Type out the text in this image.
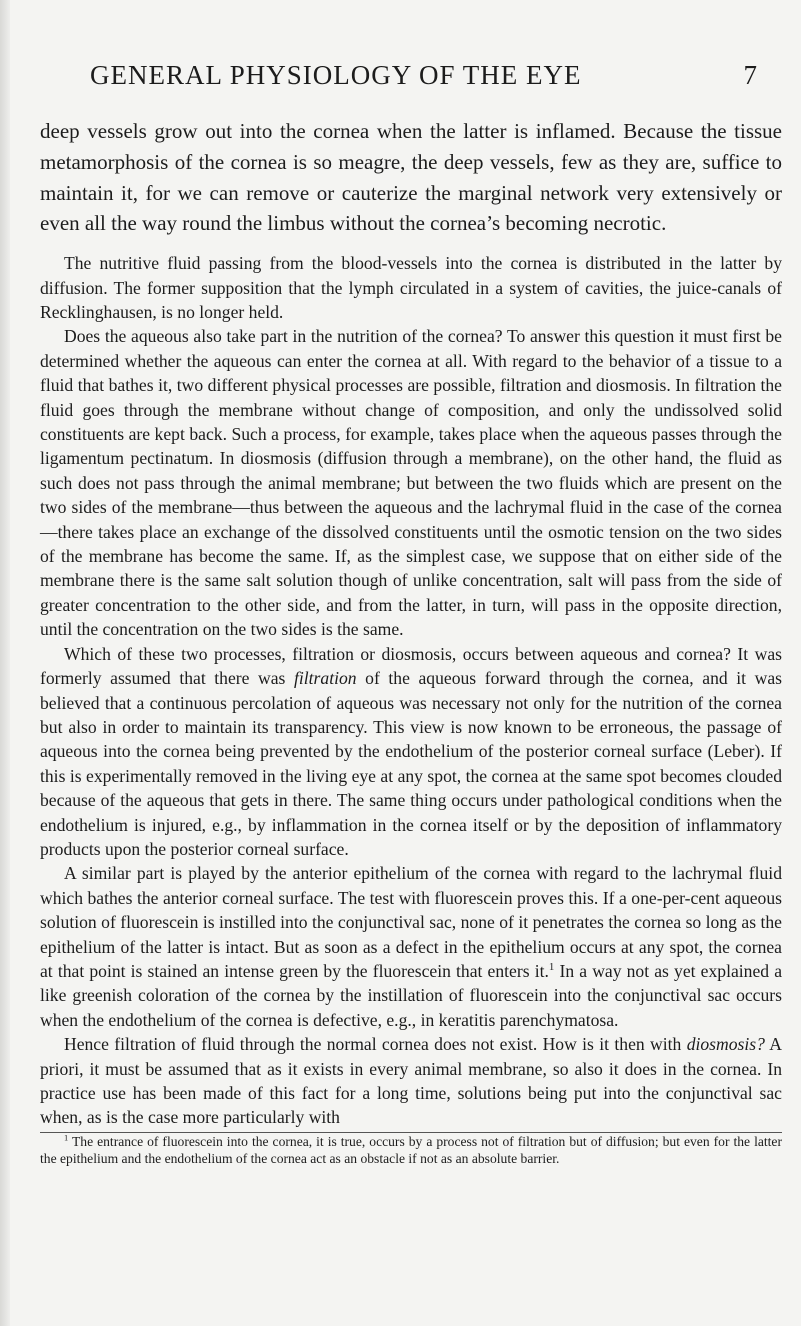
GENERAL PHYSIOLOGY OF THE EYE	7

deep vessels grow out into the cornea when the latter is inflamed. Because the tissue metamorphosis of the cornea is so meagre, the deep vessels, few as they are, suffice to maintain it, for we can remove or cauterize the marginal network very extensively or even all the way round the limbus without the cornea’s becoming necrotic.

The nutritive fluid passing from the blood-vessels into the cornea is distributed in the latter by diffusion. The former supposition that the lymph circulated in a system of cavities, the juice-canals of Recklinghausen, is no longer held.

Does the aqueous also take part in the nutrition of the cornea? To answer this question it must first be determined whether the aqueous can enter the cornea at all. With regard to the behavior of a tissue to a fluid that bathes it, two different physical processes are possible, filtration and diosmosis. In filtration the fluid goes through the membrane without change of composition, and only the undissolved solid constituents are kept back. Such a process, for example, takes place when the aqueous passes through the ligamentum pectinatum. In diosmosis (diffusion through a membrane), on the other hand, the fluid as such does not pass through the animal membrane; but between the two fluids which are present on the two sides of the membrane—thus between the aqueous and the lachrymal fluid in the case of the cornea—there takes place an exchange of the dissolved constituents until the osmotic tension on the two sides of the membrane has become the same. If, as the simplest case, we suppose that on either side of the membrane there is the same salt solution though of unlike concentration, salt will pass from the side of greater concentration to the other side, and from the latter, in turn, will pass in the opposite direction, until the concentration on the two sides is the same.

Which of these two processes, filtration or diosmosis, occurs between aqueous and cornea? It was formerly assumed that there was filtration of the aqueous forward through the cornea, and it was believed that a continuous percolation of aqueous was necessary not only for the nutrition of the cornea but also in order to maintain its transparency. This view is now known to be erroneous, the passage of aqueous into the cornea being prevented by the endothelium of the posterior corneal surface (Leber). If this is experimentally removed in the living eye at any spot, the cornea at the same spot becomes clouded because of the aqueous that gets in there. The same thing occurs under pathological conditions when the endothelium is injured, e.g., by inflammation in the cornea itself or by the deposition of inflammatory products upon the posterior corneal surface.

A similar part is played by the anterior epithelium of the cornea with regard to the lachrymal fluid which bathes the anterior corneal surface. The test with fluorescein proves this. If a one-per-cent aqueous solution of fluorescein is instilled into the conjunctival sac, none of it penetrates the cornea so long as the epithelium of the latter is intact. But as soon as a defect in the epithelium occurs at any spot, the cornea at that point is stained an intense green by the fluorescein that enters it.$^1$ In a way not as yet explained a like greenish coloration of the cornea by the instillation of fluorescein into the conjunctival sac occurs when the endothelium of the cornea is defective, e.g., in keratitis parenchymatosa.

Hence filtration of fluid through the normal cornea does not exist. How is it then with diosmosis? A priori, it must be assumed that as it exists in every animal membrane, so also it does in the cornea. In practice use has been made of this fact for a long time, solutions being put into the conjunctival sac when, as is the case more particularly with

$^1$ The entrance of fluorescein into the cornea, it is true, occurs by a process not of filtration but of diffusion; but even for the latter the epithelium and the endothelium of the cornea act as an obstacle if not as an absolute barrier.
